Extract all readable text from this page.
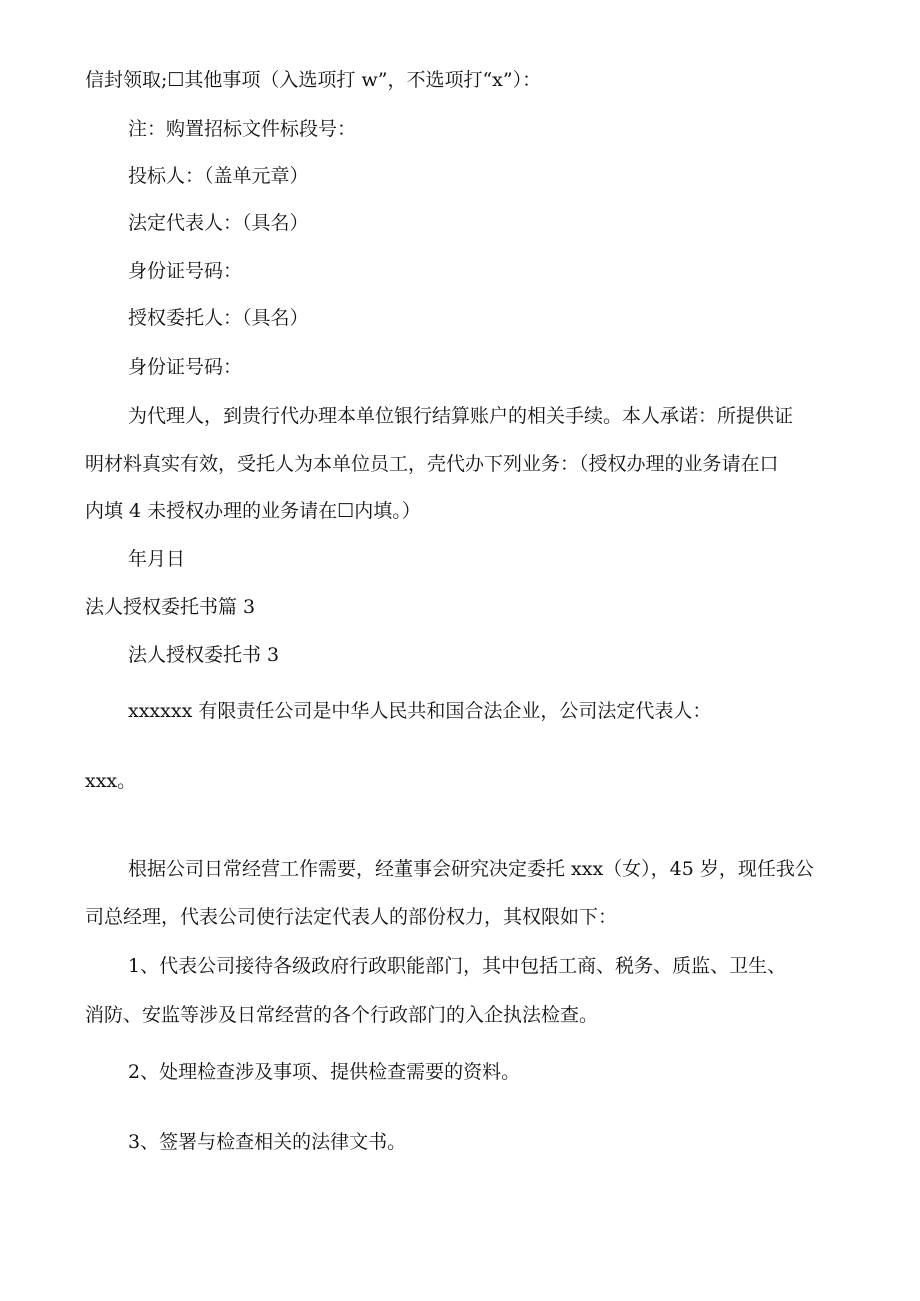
信封领取;☐其他事项（入选项打 w”，不选项打“x”）：
注：购置招标文件标段号：
投标人：（盖单元章）
法定代表人：（具名）
身份证号码：
授权委托人：（具名）
身份证号码：
为代理人，到贵行代办理本单位银行结算账户的相关手续。本人承诺：所提供证
明材料真实有效，受托人为本单位员工，壳代办下列业务：（授权办理的业务请在口
内填 4 未授权办理的业务请在☐内填。）
年月日
法人授权委托书篇 3
法人授权委托书 3
xxxxxx 有限责任公司是中华人民共和国合法企业，公司法定代表人：
xxx。
根据公司日常经营工作需要，经董事会研究决定委托 xxx（女），45 岁，现任我公
司总经理，代表公司使行法定代表人的部份权力，其权限如下：
1、代表公司接待各级政府行政职能部门，其中包括工商、税务、质监、卫生、
消防、安监等涉及日常经营的各个行政部门的入企执法检查。
2、处理检查涉及事项、提供检查需要的资料。
3、签署与检查相关的法律文书。
